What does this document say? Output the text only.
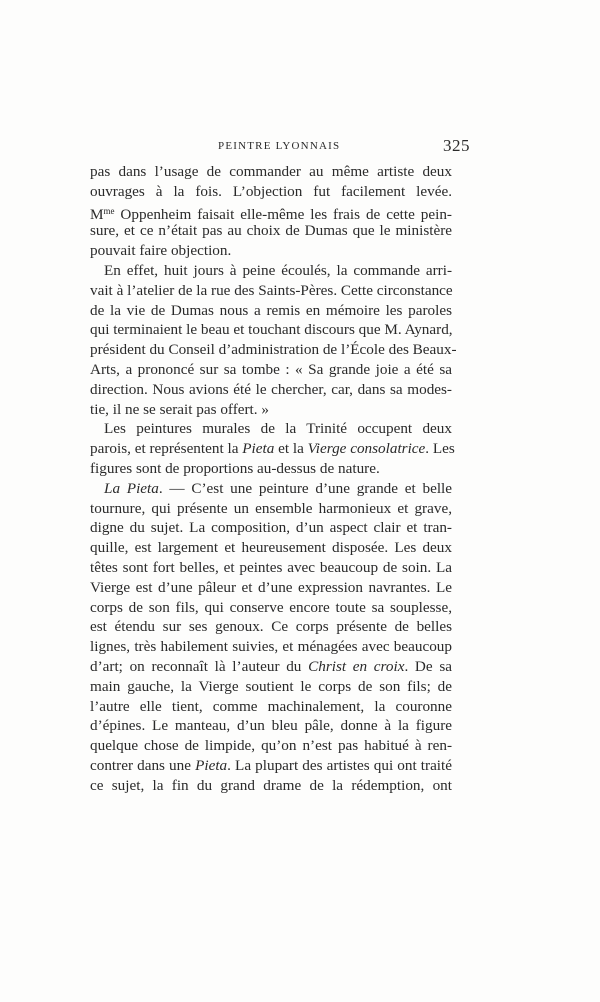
PEINTRE LYONNAIS	325
pas dans l’usage de commander au même artiste deux
ouvrages à la fois. L’objection fut facilement levée.
$M^{me}$ Oppenheim faisait elle-même les frais de cette pein-
sure, et ce n’était pas au choix de Dumas que le ministère
pouvait faire objection.
En effet, huit jours à peine écoulés, la commande arri-
vait à l’atelier de la rue des Saints-Pères. Cette circonstance
de la vie de Dumas nous a remis en mémoire les paroles
qui terminaient le beau et touchant discours que M. Aynard,
président du Conseil d’administration de l’École des Beaux-
Arts, a prononcé sur sa tombe : « Sa grande joie a été sa
direction. Nous avions été le chercher, car, dans sa modes-
tie, il ne se serait pas offert. »
Les peintures murales de la Trinité occupent deux
parois, et représentent la Pieta et la Vierge consolatrice. Les
figures sont de proportions au-dessus de nature.
La Pieta. — C’est une peinture d’une grande et belle
tournure, qui présente un ensemble harmonieux et grave,
digne du sujet. La composition, d’un aspect clair et tran-
quille, est largement et heureusement disposée. Les deux
têtes sont fort belles, et peintes avec beaucoup de soin. La
Vierge est d’une pâleur et d’une expression navrantes. Le
corps de son fils, qui conserve encore toute sa souplesse,
est étendu sur ses genoux. Ce corps présente de belles
lignes, très habilement suivies, et ménagées avec beaucoup
d’art; on reconnaît là l’auteur du Christ en croix. De sa
main gauche, la Vierge soutient le corps de son fils; de
l’autre elle tient, comme machinalement, la couronne
d’épines. Le manteau, d’un bleu pâle, donne à la figure
quelque chose de limpide, qu’on n’est pas habitué à ren-
contrer dans une Pieta. La plupart des artistes qui ont traité
ce sujet, la fin du grand drame de la rédemption, ont
